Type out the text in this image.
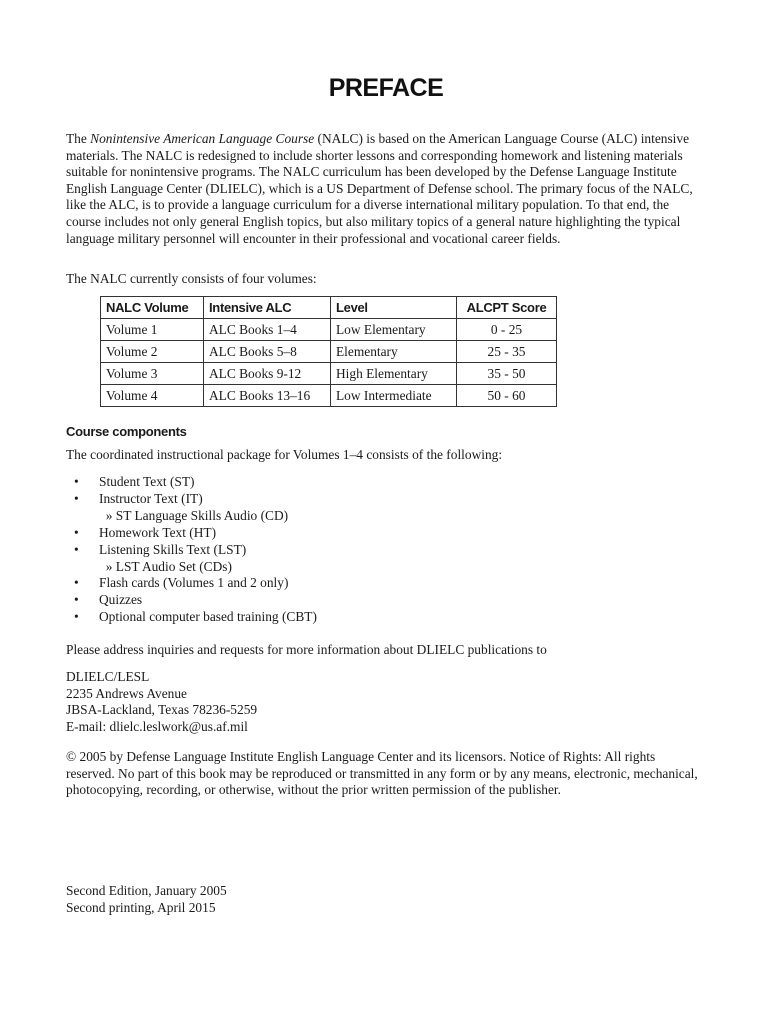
PREFACE

The Nonintensive American Language Course (NALC) is based on the American Language Course (ALC) intensive materials. The NALC is redesigned to include shorter lessons and corresponding homework and listening materials suitable for nonintensive programs. The NALC curriculum has been developed by the Defense Language Institute English Language Center (DLIELC), which is a US Department of Defense school. The primary focus of the NALC, like the ALC, is to provide a language curriculum for a diverse international military population. To that end, the course includes not only general English topics, but also military topics of a general nature highlighting the typical language military personnel will encounter in their professional and vocational career fields.

The NALC currently consists of four volumes:

NALC Volume	Intensive ALC	Level	ALCPT Score
Volume 1	ALC Books 1–4	Low Elementary	0 - 25
Volume 2	ALC Books 5–8	Elementary	25 - 35
Volume 3	ALC Books 9-12	High Elementary	35 - 50
Volume 4	ALC Books 13–16	Low Intermediate	50 - 60
Course components

The coordinated instructional package for Volumes 1–4 consists of the following:

• Student Text (ST)
• Instructor Text (IT)
» ST Language Skills Audio (CD)
• Homework Text (HT)
• Listening Skills Text (LST)
» LST Audio Set (CDs)
• Flash cards (Volumes 1 and 2 only)
• Quizzes
• Optional computer based training (CBT)

Please address inquiries and requests for more information about DLIELC publications to

DLIELC/LESL
2235 Andrews Avenue
JBSA-Lackland, Texas 78236-5259
E-mail: dlielc.leslwork@us.af.mil

© 2005 by Defense Language Institute English Language Center and its licensors. Notice of Rights: All rights reserved. No part of this book may be reproduced or transmitted in any form or by any means, electronic, mechanical, photocopying, recording, or otherwise, without the prior written permission of the publisher.

Second Edition, January 2005
Second printing, April 2015
